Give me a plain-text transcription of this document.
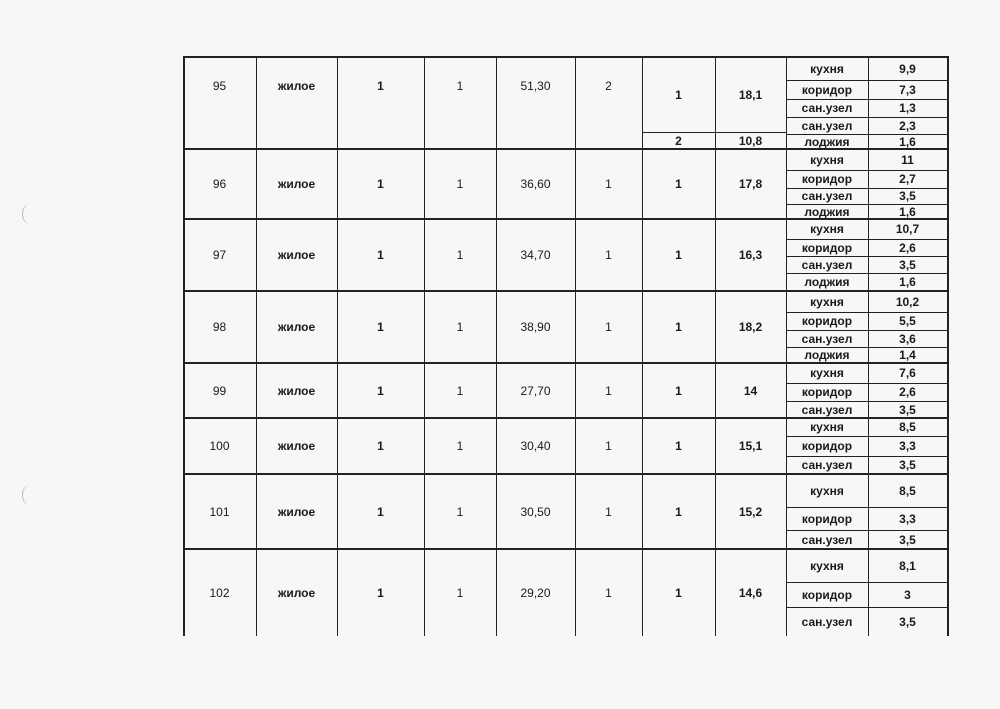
95	жилое	1	1	51,30	2
1	18,1
2	10,8
кухня	9,9
коридор	7,3
сан.узел	1,3
сан.узел	2,3
лоджия	1,6
96	жилое	1	1	36,60	1	1	17,8
кухня	11
коридор	2,7
сан.узел	3,5
лоджия	1,6
97	жилое	1	1	34,70	1	1	16,3
кухня	10,7
коридор	2,6
сан.узел	3,5
лоджия	1,6
98	жилое	1	1	38,90	1	1	18,2
кухня	10,2
коридор	5,5
сан.узел	3,6
лоджия	1,4
99	жилое	1	1	27,70	1	1	14
кухня	7,6
коридор	2,6
сан.узел	3,5
100	жилое	1	1	30,40	1	1	15,1
кухня	8,5
коридор	3,3
сан.узел	3,5
101	жилое	1	1	30,50	1	1	15,2
кухня	8,5
коридор	3,3
сан.узел	3,5
102	жилое	1	1	29,20	1	1	14,6
кухня	8,1
коридор	3
сан.узел	3,5
